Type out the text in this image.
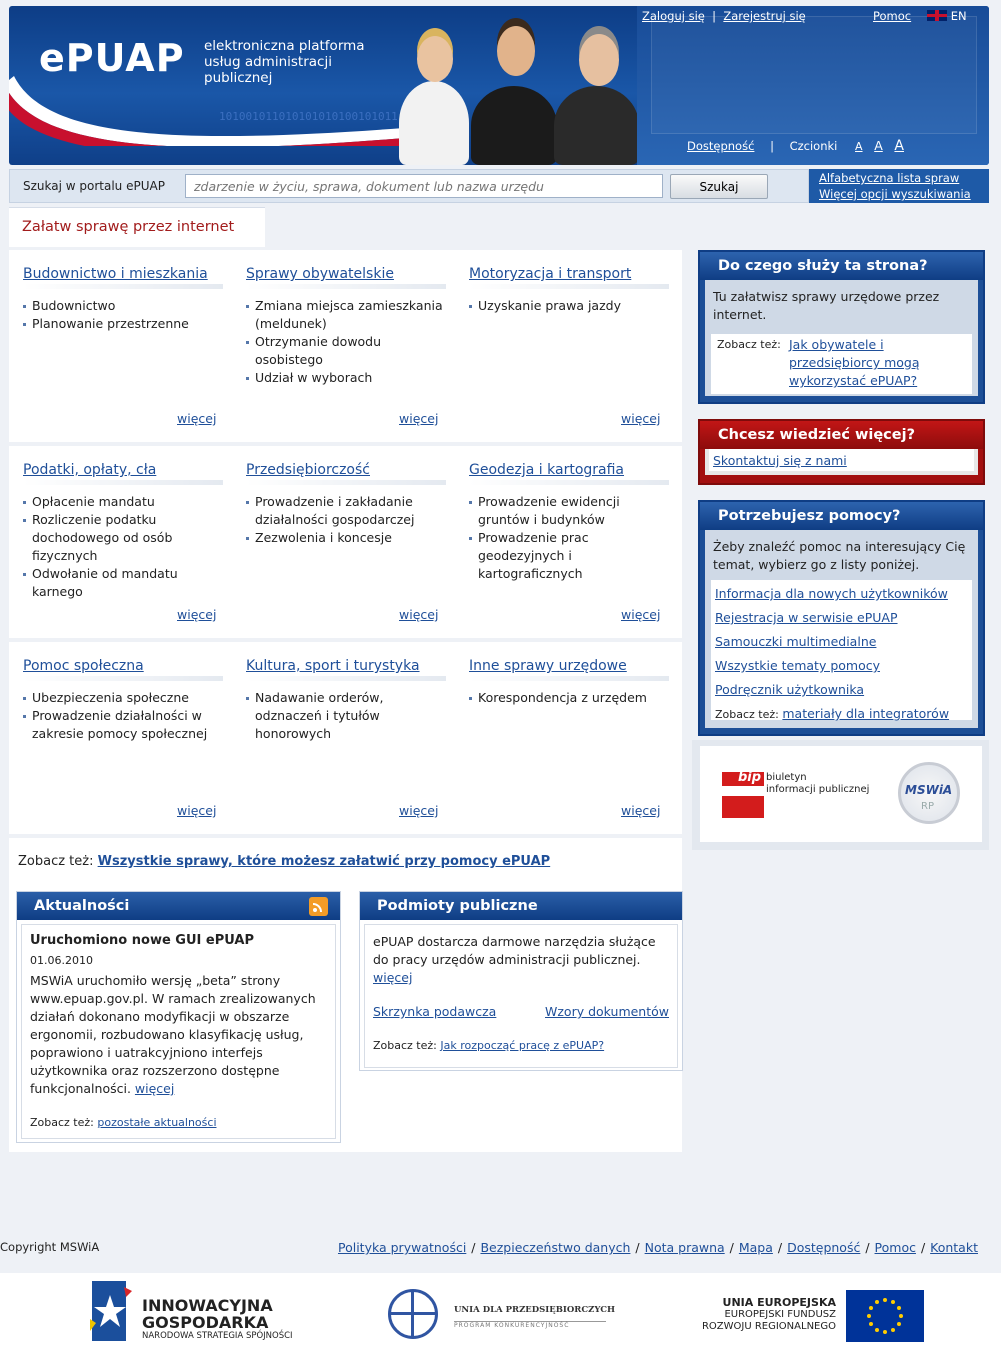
101001011010101010100101011
ePUAP elektroniczna platforma
usług administracji publicznej
Zaloguj się  |  Zarejestruj się	Pomoc	EN
Dostępność | Czcionki A A A
Szukaj w portalu ePUAP
zdarzenie w życiu, sprawa, dokument lub nazwa urzędu	Szukaj
Alfabetyczna lista spraw
Więcej opcji wyszukiwania
Załatw sprawę przez internet
Budownictwo i mieszkania
Budownictwo
Planowanie przestrzenne
więcej
Sprawy obywatelskie
Zmiana miejsca zamieszkania (meldunek)
Otrzymanie dowodu osobistego
Udział w wyborach
więcej
Motoryzacja i transport
Uzyskanie prawa jazdy
więcej
Podatki, opłaty, cła
Opłacenie mandatu
Rozliczenie podatku dochodowego od osób fizycznych
Odwołanie od mandatu karnego
więcej
Przedsiębiorczość
Prowadzenie i zakładanie działalności gospodarczej
Zezwolenia i koncesje
więcej
Geodezja i kartografia
Prowadzenie ewidencji gruntów i budynków
Prowadzenie prac geodezyjnych i kartograficznych
więcej
Pomoc społeczna
Ubezpieczenia społeczne
Prowadzenie działalności w zakresie pomocy społecznej
więcej
Kultura, sport i turystyka
Nadawanie orderów, odznaczeń i tytułów honorowych
więcej
Inne sprawy urzędowe
Korespondencja z urzędem
więcej
Zobacz też: Wszystkie sprawy, które możesz załatwić przy pomocy ePUAP
Aktualności
Uruchomiono nowe GUI ePUAP
01.06.2010
MSWiA uruchomiło wersję „beta” strony www.epuap.gov.pl. W ramach zrealizowanych działań dokonano modyfikacji w obszarze ergonomii, rozbudowano klasyfikację usług, poprawiono i uatrakcyjniono interfejs użytkownika oraz rozszerzono dostępne funkcjonalności. więcej
Zobacz też: pozostałe aktualności
Podmioty publiczne
ePUAP dostarcza darmowe narzędzia służące do pracy urzędów administracji publicznej. więcej
Skrzynka podawcza	Wzory dokumentów
Zobacz też: Jak rozpocząć pracę z ePUAP?
Do czego służy ta strona?
Tu załatwisz sprawy urzędowe przez internet.
Zobacz też: Jak obywatele i przedsiębiorcy mogą wykorzystać ePUAP?
Chcesz wiedzieć więcej?
Skontaktuj się z nami
Potrzebujesz pomocy?
Żeby znaleźć pomoc na interesujący Cię temat, wybierz go z listy poniżej.
Informacja dla nowych użytkowników
Rejestracja w serwisie ePUAP
Samouczki multimedialne
Wszystkie tematy pomocy
Podręcznik użytkownika
Zobacz też: materiały dla integratorów
bip biuletyn
informacji publicznej	MSWiA
RP
Copyright MSWiA	Polityka prywatności / Bezpieczeństwo danych / Nota prawna / Mapa / Dostępność / Pomoc / Kontakt
INNOWACYJNA
GOSPODARKA
NARODOWA STRATEGIA SPÓJNOŚCI
UNIA DLA PRZEDSIĘBIORCZYCH
PROGRAM KONKURENCYJNOŚĆ
UNIA EUROPEJSKA
EUROPEJSKI FUNDUSZ
ROZWOJU REGIONALNEGO
